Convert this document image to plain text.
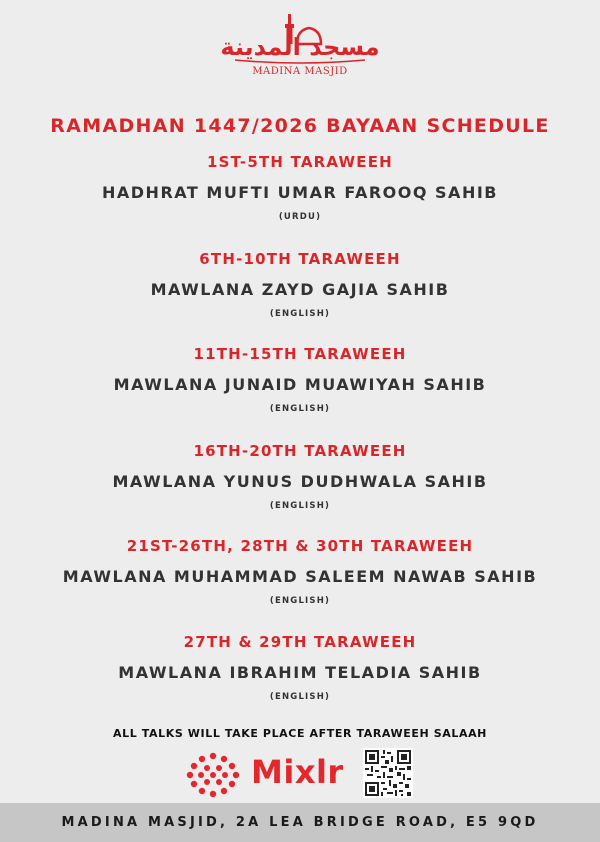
مسجد المدينة
MADINA MASJID
RAMADHAN 1447/2026 BAYAAN SCHEDULE
1ST-5TH TARAWEEH
HADHRAT MUFTI UMAR FAROOQ SAHIB
(URDU)
6TH-10TH TARAWEEH
MAWLANA ZAYD GAJIA SAHIB
(ENGLISH)
11TH-15TH TARAWEEH
MAWLANA JUNAID MUAWIYAH SAHIB
(ENGLISH)
16TH-20TH TARAWEEH
MAWLANA YUNUS DUDHWALA SAHIB
(ENGLISH)
21ST-26TH, 28TH & 30TH TARAWEEH
MAWLANA MUHAMMAD SALEEM NAWAB SAHIB
(ENGLISH)
27TH & 29TH TARAWEEH
MAWLANA IBRAHIM TELADIA SAHIB
(ENGLISH)
ALL TALKS WILL TAKE PLACE AFTER TARAWEEH SALAAH
Mixlr
MADINA MASJID, 2A LEA BRIDGE ROAD, E5 9QD
